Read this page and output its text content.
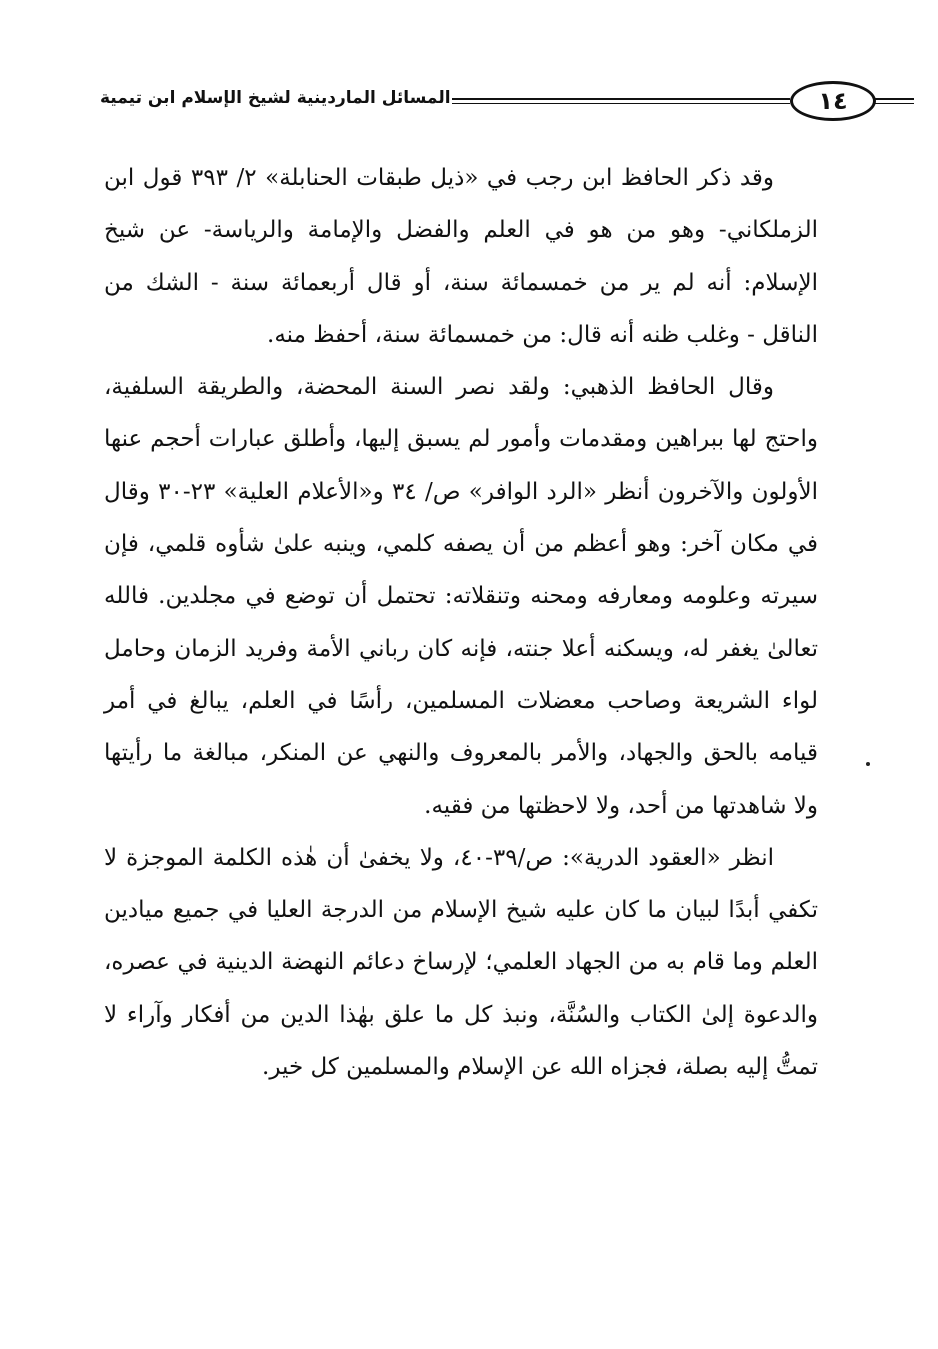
المسائل الماردينية لشيخ الإسلام ابن تيمية	١٤

وقد ذكر الحافظ ابن رجب في «ذيل طبقات الحنابلة» ٢/ ٣٩٣ قول ابن الزملكاني- وهو من هو في العلم والفضل والإمامة والرياسة- عن شيخ الإسلام: أنه لم ير من خمسمائة سنة، أو قال أربعمائة سنة - الشك من الناقل - وغلب ظنه أنه قال: من خمسمائة سنة، أحفظ منه.

وقال الحافظ الذهبي: ولقد نصر السنة المحضة، والطريقة السلفية، واحتج لها ببراهين ومقدمات وأمور لم يسبق إليها، وأطلق عبارات أحجم عنها الأولون والآخرون أنظر «الرد الوافر» ص/ ٣٤ و«الأعلام العلية» ٢٣-٣٠ وقال في مكان آخر: وهو أعظم من أن يصفه كلمي، وينبه علىٰ شأوه قلمي، فإن سيرته وعلومه ومعارفه ومحنه وتنقلاته: تحتمل أن توضع في مجلدين. فالله تعالىٰ يغفر له، ويسكنه أعلا جنته، فإنه كان رباني الأمة وفريد الزمان وحامل لواء الشريعة وصاحب معضلات المسلمين، رأسًا في العلم، يبالغ في أمر قيامه بالحق والجهاد، والأمر بالمعروف والنهي عن المنكر، مبالغة ما رأيتها ولا شاهدتها من أحد، ولا لاحظتها من فقيه.

انظر «العقود الدرية»: ص/٣٩-٤٠، ولا يخفىٰ أن هٰذه الكلمة الموجزة لا تكفي أبدًا لبيان ما كان عليه شيخ الإسلام من الدرجة العليا في جميع ميادين العلم وما قام به من الجهاد العلمي؛ لإرساخ دعائم النهضة الدينية في عصره، والدعوة إلىٰ الكتاب والسُنَّة، ونبذ كل ما علق بهٰذا الدين من أفكار وآراء لا تمتُّ إليه بصلة، فجزاه الله عن الإسلام والمسلمين كل خير.
